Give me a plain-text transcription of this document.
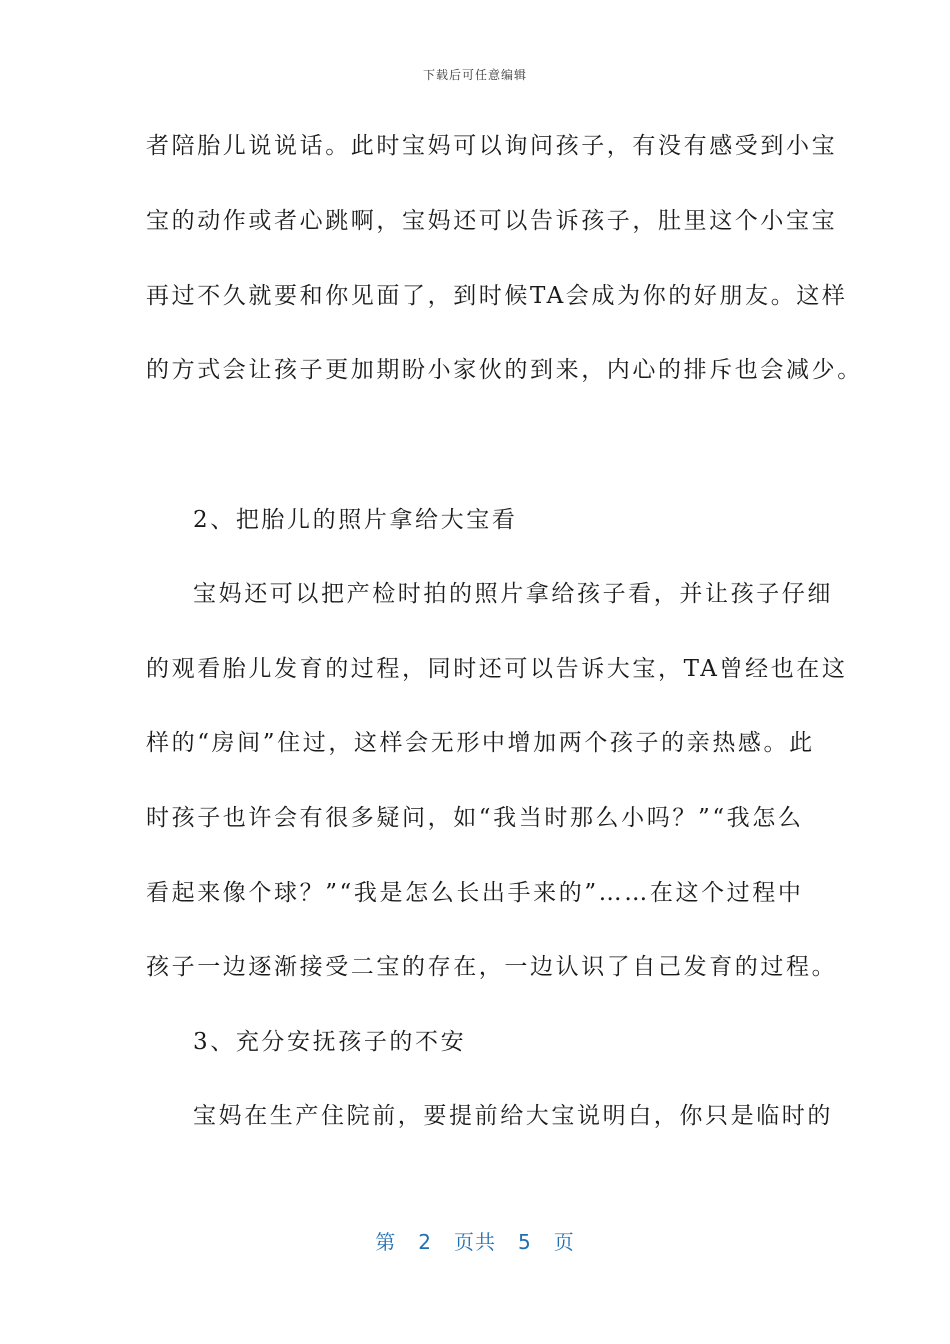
下载后可任意编辑
者陪胎儿说说话。此时宝妈可以询问孩子，有没有感受到小宝
宝的动作或者心跳啊，宝妈还可以告诉孩子，肚里这个小宝宝
再过不久就要和你见面了，到时候TA会成为你的好朋友。这样
的方式会让孩子更加期盼小家伙的到来，内心的排斥也会减少。
2、把胎儿的照片拿给大宝看
宝妈还可以把产检时拍的照片拿给孩子看，并让孩子仔细
的观看胎儿发育的过程，同时还可以告诉大宝，TA曾经也在这
样的“房间”住过，这样会无形中增加两个孩子的亲热感。此
时孩子也许会有很多疑问，如“我当时那么小吗？”“我怎么
看起来像个球？”“我是怎么长出手来的”……在这个过程中
孩子一边逐渐接受二宝的存在，一边认识了自己发育的过程。
3、充分安抚孩子的不安
宝妈在生产住院前，要提前给大宝说明白，你只是临时的
第 2 页共 5 页
